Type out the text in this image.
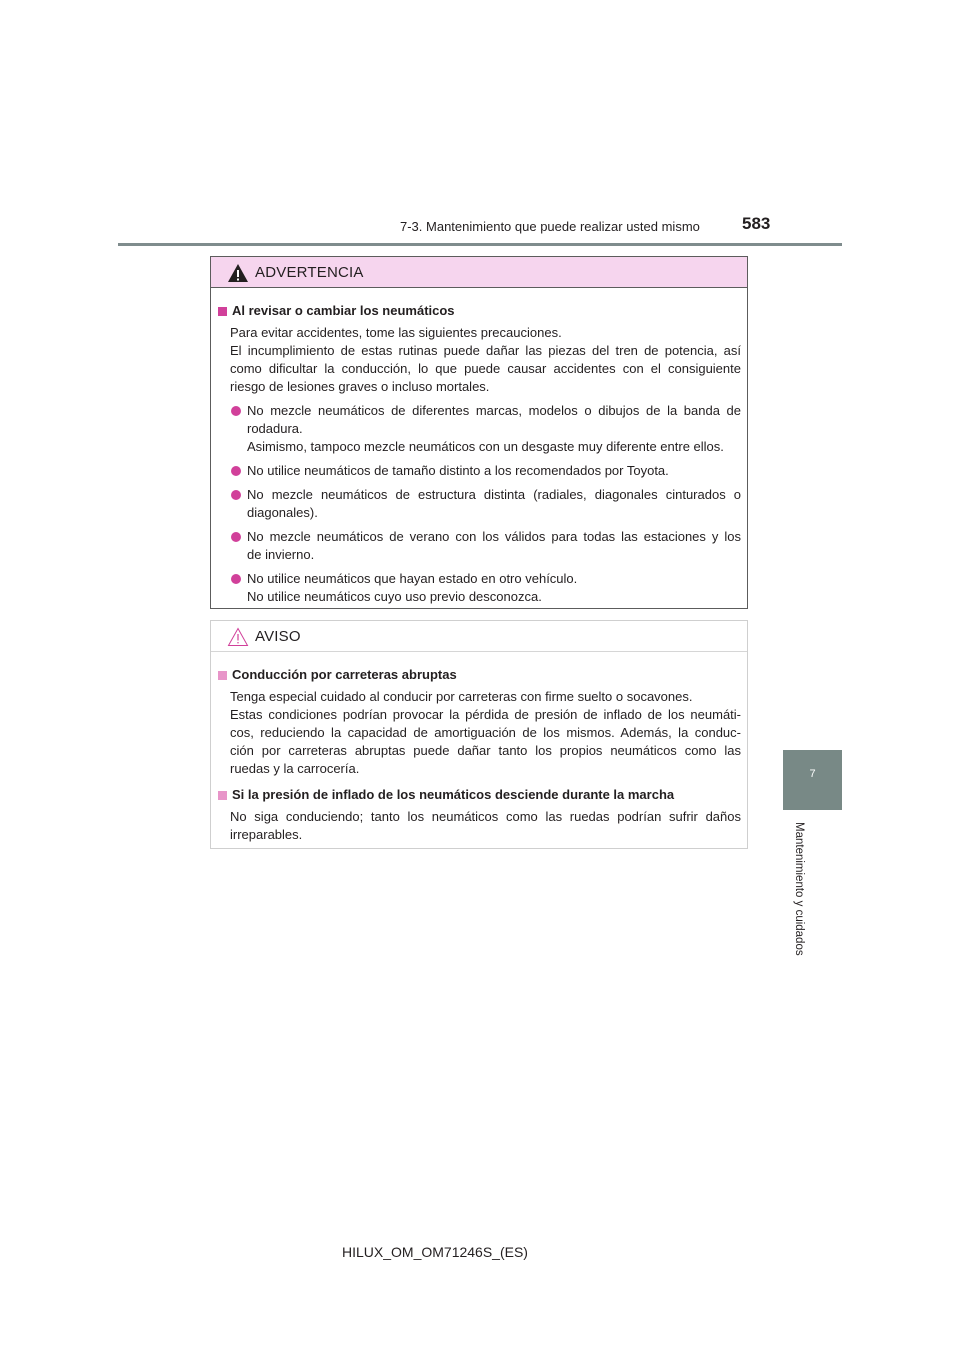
7-3. Mantenimiento que puede realizar usted mismo 583
7
Mantenimiento y cuidados
ADVERTENCIA
Al revisar o cambiar los neumáticos
Para evitar accidentes, tome las siguientes precauciones.
El incumplimiento de estas rutinas puede dañar las piezas del tren de potencia, así
como dificultar la conducción, lo que puede causar accidentes con el consiguiente
riesgo de lesiones graves o incluso mortales.
No mezcle neumáticos de diferentes marcas, modelos o dibujos de la banda de
rodadura.
Asimismo, tampoco mezcle neumáticos con un desgaste muy diferente entre ellos.
No utilice neumáticos de tamaño distinto a los recomendados por Toyota.
No mezcle neumáticos de estructura distinta (radiales, diagonales cinturados o
diagonales).
No mezcle neumáticos de verano con los válidos para todas las estaciones y los
de invierno.
No utilice neumáticos que hayan estado en otro vehículo.
No utilice neumáticos cuyo uso previo desconozca.
AVISO
Conducción por carreteras abruptas
Tenga especial cuidado al conducir por carreteras con firme suelto o socavones.
Estas condiciones podrían provocar la pérdida de presión de inflado de los neumáti-
cos, reduciendo la capacidad de amortiguación de los mismos. Además, la conduc-
ción por carreteras abruptas puede dañar tanto los propios neumáticos como las
ruedas y la carrocería.
Si la presión de inflado de los neumáticos desciende durante la marcha
No siga conduciendo; tanto los neumáticos como las ruedas podrían sufrir daños
irreparables.
HILUX_OM_OM71246S_(ES)
